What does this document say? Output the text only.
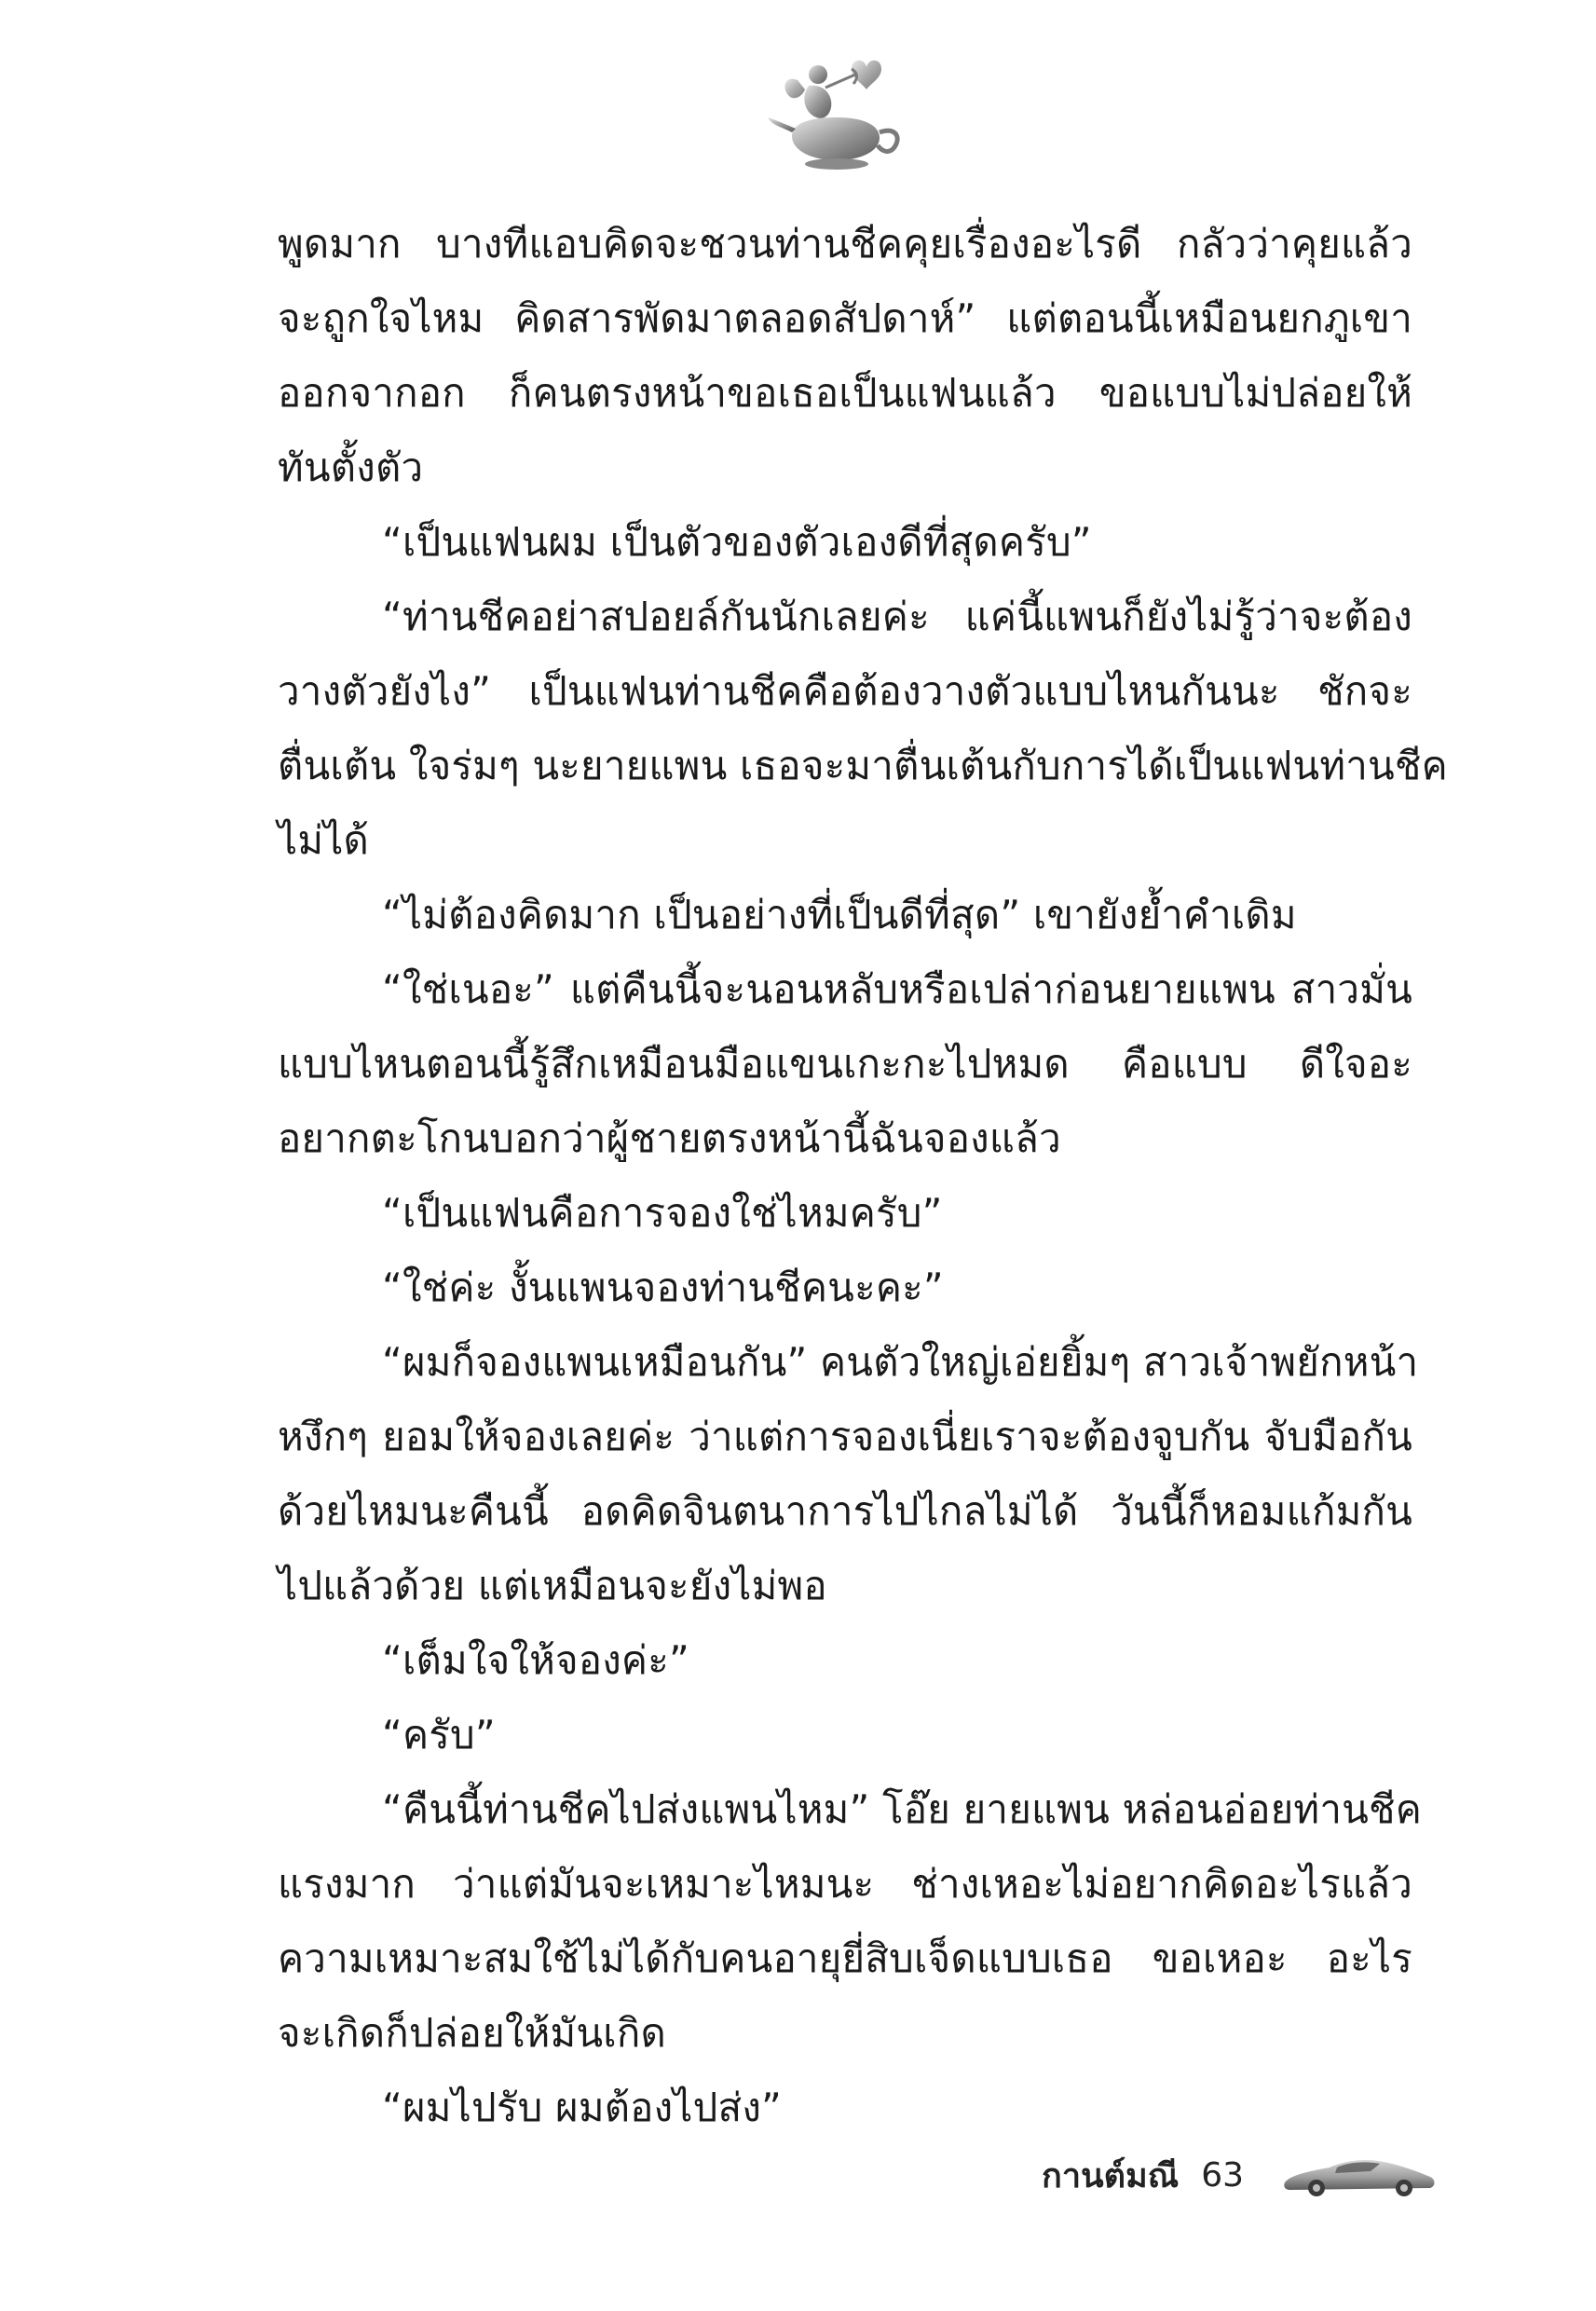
พูดมาก บางทีแอบคิดจะชวนท่านชีคคุยเรื่องอะไรดี กลัวว่าคุยแล้ว
จะถูกใจไหม คิดสารพัดมาตลอดสัปดาห์” แต่ตอนนี้เหมือนยกภูเขา
ออกจากอก ก็คนตรงหน้าขอเธอเป็นแฟนแล้ว ขอแบบไม่ปล่อยให้
ทันตั้งตัว
“เป็นแฟนผม เป็นตัวของตัวเองดีที่สุดครับ”
“ท่านชีคอย่าสปอยล์กันนักเลยค่ะ แค่นี้แพนก็ยังไม่รู้ว่าจะต้อง
วางตัวยังไง” เป็นแฟนท่านชีคคือต้องวางตัวแบบไหนกันนะ ชักจะ
ตื่นเต้น ใจร่มๆ นะยายแพน เธอจะมาตื่นเต้นกับการได้เป็นแฟนท่านชีค
ไม่ได้
“ไม่ต้องคิดมาก เป็นอย่างที่เป็นดีที่สุด” เขายังย้ำคำเดิม
“ใช่เนอะ” แต่คืนนี้จะนอนหลับหรือเปล่าก่อนยายแพน สาวมั่น
แบบไหนตอนนี้รู้สึกเหมือนมือแขนเกะกะไปหมด คือแบบ ดีใจอะ
อยากตะโกนบอกว่าผู้ชายตรงหน้านี้ฉันจองแล้ว
“เป็นแฟนคือการจองใช่ไหมครับ”
“ใช่ค่ะ งั้นแพนจองท่านชีคนะคะ”
“ผมก็จองแพนเหมือนกัน” คนตัวใหญ่เอ่ยยิ้มๆ สาวเจ้าพยักหน้า
หงึกๆ ยอมให้จองเลยค่ะ ว่าแต่การจองเนี่ยเราจะต้องจูบกัน จับมือกัน
ด้วยไหมนะคืนนี้ อดคิดจินตนาการไปไกลไม่ได้ วันนี้ก็หอมแก้มกัน
ไปแล้วด้วย แต่เหมือนจะยังไม่พอ
“เต็มใจให้จองค่ะ”
“ครับ”
“คืนนี้ท่านชีคไปส่งแพนไหม” โอ๊ย ยายแพน หล่อนอ่อยท่านชีค
แรงมาก ว่าแต่มันจะเหมาะไหมนะ ช่างเหอะไม่อยากคิดอะไรแล้ว
ความเหมาะสมใช้ไม่ได้กับคนอายุยี่สิบเจ็ดแบบเธอ ขอเหอะ อะไร
จะเกิดก็ปล่อยให้มันเกิด
“ผมไปรับ ผมต้องไปส่ง”
กานต์มณี 63
